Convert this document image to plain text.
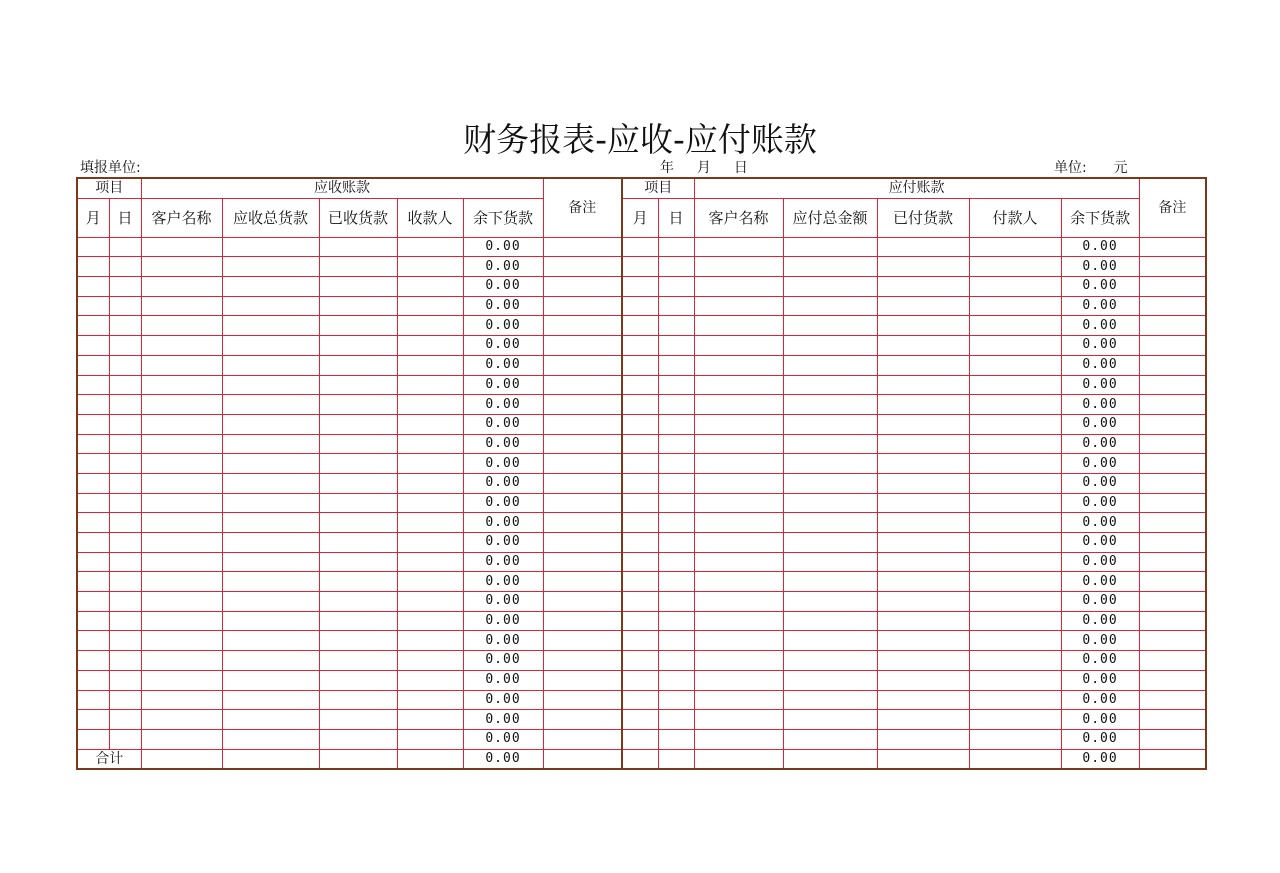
财务报表-应收-应付账款
填报单位:	年 月 日	单位: 元
项目		应收账款					备注	项目		应付账款					备注
月	日	客户名称	应收总货款	已收货款	收款人	余下货款		月	日	客户名称	应付总金额	已付货款	付款人	余下货款	
						0.00								0.00	
						0.00								0.00	
						0.00								0.00	
						0.00								0.00	
						0.00								0.00	
						0.00								0.00	
						0.00								0.00	
						0.00								0.00	
						0.00								0.00	
						0.00								0.00	
						0.00								0.00	
						0.00								0.00	
						0.00								0.00	
						0.00								0.00	
						0.00								0.00	
						0.00								0.00	
						0.00								0.00	
						0.00								0.00	
						0.00								0.00	
						0.00								0.00	
						0.00								0.00	
						0.00								0.00	
						0.00								0.00	
						0.00								0.00	
						0.00								0.00	
						0.00								0.00	
合计						0.00								0.00	
